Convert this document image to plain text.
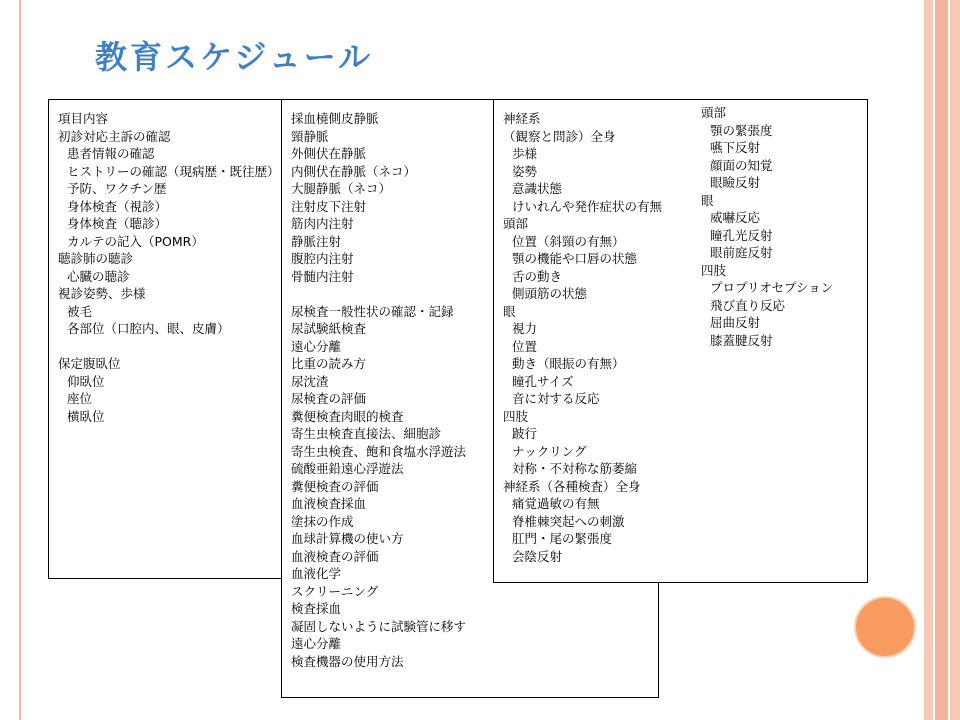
教育スケジュール
項目内容
初診対応主訴の確認
患者情報の確認
ヒストリーの確認（現病歴・既往歴）
予防、ワクチン歴
身体検査（視診）
身体検査（聴診）
カルテの記入（POMR）
聴診肺の聴診
心臓の聴診
視診姿勢、歩様
被毛
各部位（口腔内、眼、皮膚）
保定腹臥位
仰臥位
座位
横臥位
採血橈側皮静脈
頸静脈
外側伏在静脈
内側伏在静脈（ネコ）
大腿静脈（ネコ）
注射皮下注射
筋肉内注射
静脈注射
腹腔内注射
骨髄内注射
尿検査一般性状の確認・記録
尿試験紙検査
遠心分離
比重の読み方
尿沈渣
尿検査の評価
糞便検査肉眼的検査
寄生虫検査直接法、細胞診
寄生虫検査、飽和食塩水浮遊法
硫酸亜鉛遠心浮遊法
糞便検査の評価
血液検査採血
塗抹の作成
血球計算機の使い方
血液検査の評価
血液化学
スクリーニング
検査採血
凝固しないように試験管に移す
遠心分離
検査機器の使用方法
神経系
（観察と問診）全身
歩様
姿勢
意識状態
けいれんや発作症状の有無
頭部
位置（斜頸の有無）
顎の機能や口唇の状態
舌の動き
側頭筋の状態
眼
視力
位置
動き（眼振の有無）
瞳孔サイズ
音に対する反応
四肢
跛行
ナックリング
対称・不対称な筋萎縮
神経系（各種検査）全身
痛覚過敏の有無
脊椎棘突起への刺激
肛門・尾の緊張度
会陰反射
頭部
顎の緊張度
嚥下反射
顔面の知覚
眼瞼反射
眼
威嚇反応
瞳孔光反射
眼前庭反射
四肢
プロプリオセプション
飛び直り反応
屈曲反射
膝蓋腱反射
